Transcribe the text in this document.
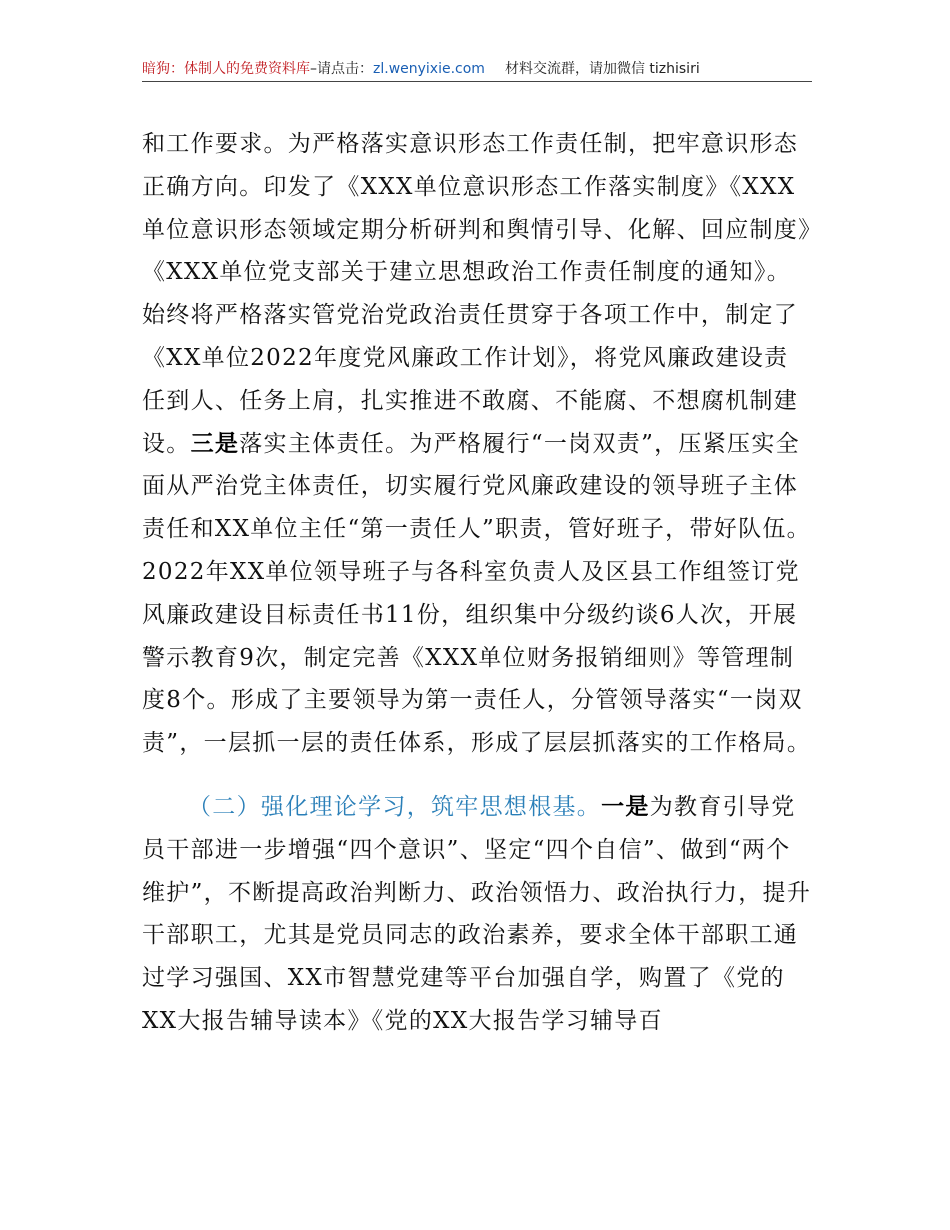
暗狗：体制人的免费资料库–请点击：zl.wenyixie.com 材料交流群，请加微信 tizhisiri

和工作要求。为严格落实意识形态工作责任制，把牢意识形态正确方向。印发了《XXX单位意识形态工作落实制度》《XXX单位意识形态领域定期分析研判和舆情引导、化解、回应制度》《XXX单位党支部关于建立思想政治工作责任制度的通知》。始终将严格落实管党治党政治责任贯穿于各项工作中，制定了《XX单位2022年度党风廉政工作计划》，将党风廉政建设责任到人、任务上肩，扎实推进不敢腐、不能腐、不想腐机制建设。三是落实主体责任。为严格履行“一岗双责”，压紧压实全面从严治党主体责任，切实履行党风廉政建设的领导班子主体责任和XX单位主任“第一责任人”职责，管好班子，带好队伍。2022年XX单位领导班子与各科室负责人及区县工作组签订党风廉政建设目标责任书11份，组织集中分级约谈6人次，开展警示教育9次，制定完善《XXX单位财务报销细则》等管理制度8个。形成了主要领导为第一责任人，分管领导落实“一岗双责”，一层抓一层的责任体系，形成了层层抓落实的工作格局。

（二）强化理论学习，筑牢思想根基。一是为教育引导党员干部进一步增强“四个意识”、坚定“四个自信”、做到“两个维护”，不断提高政治判断力、政治领悟力、政治执行力，提升干部职工，尤其是党员同志的政治素养，要求全体干部职工通过学习强国、XX市智慧党建等平台加强自学，购置了《党的XX大报告辅导读本》《党的XX大报告学习辅导百
